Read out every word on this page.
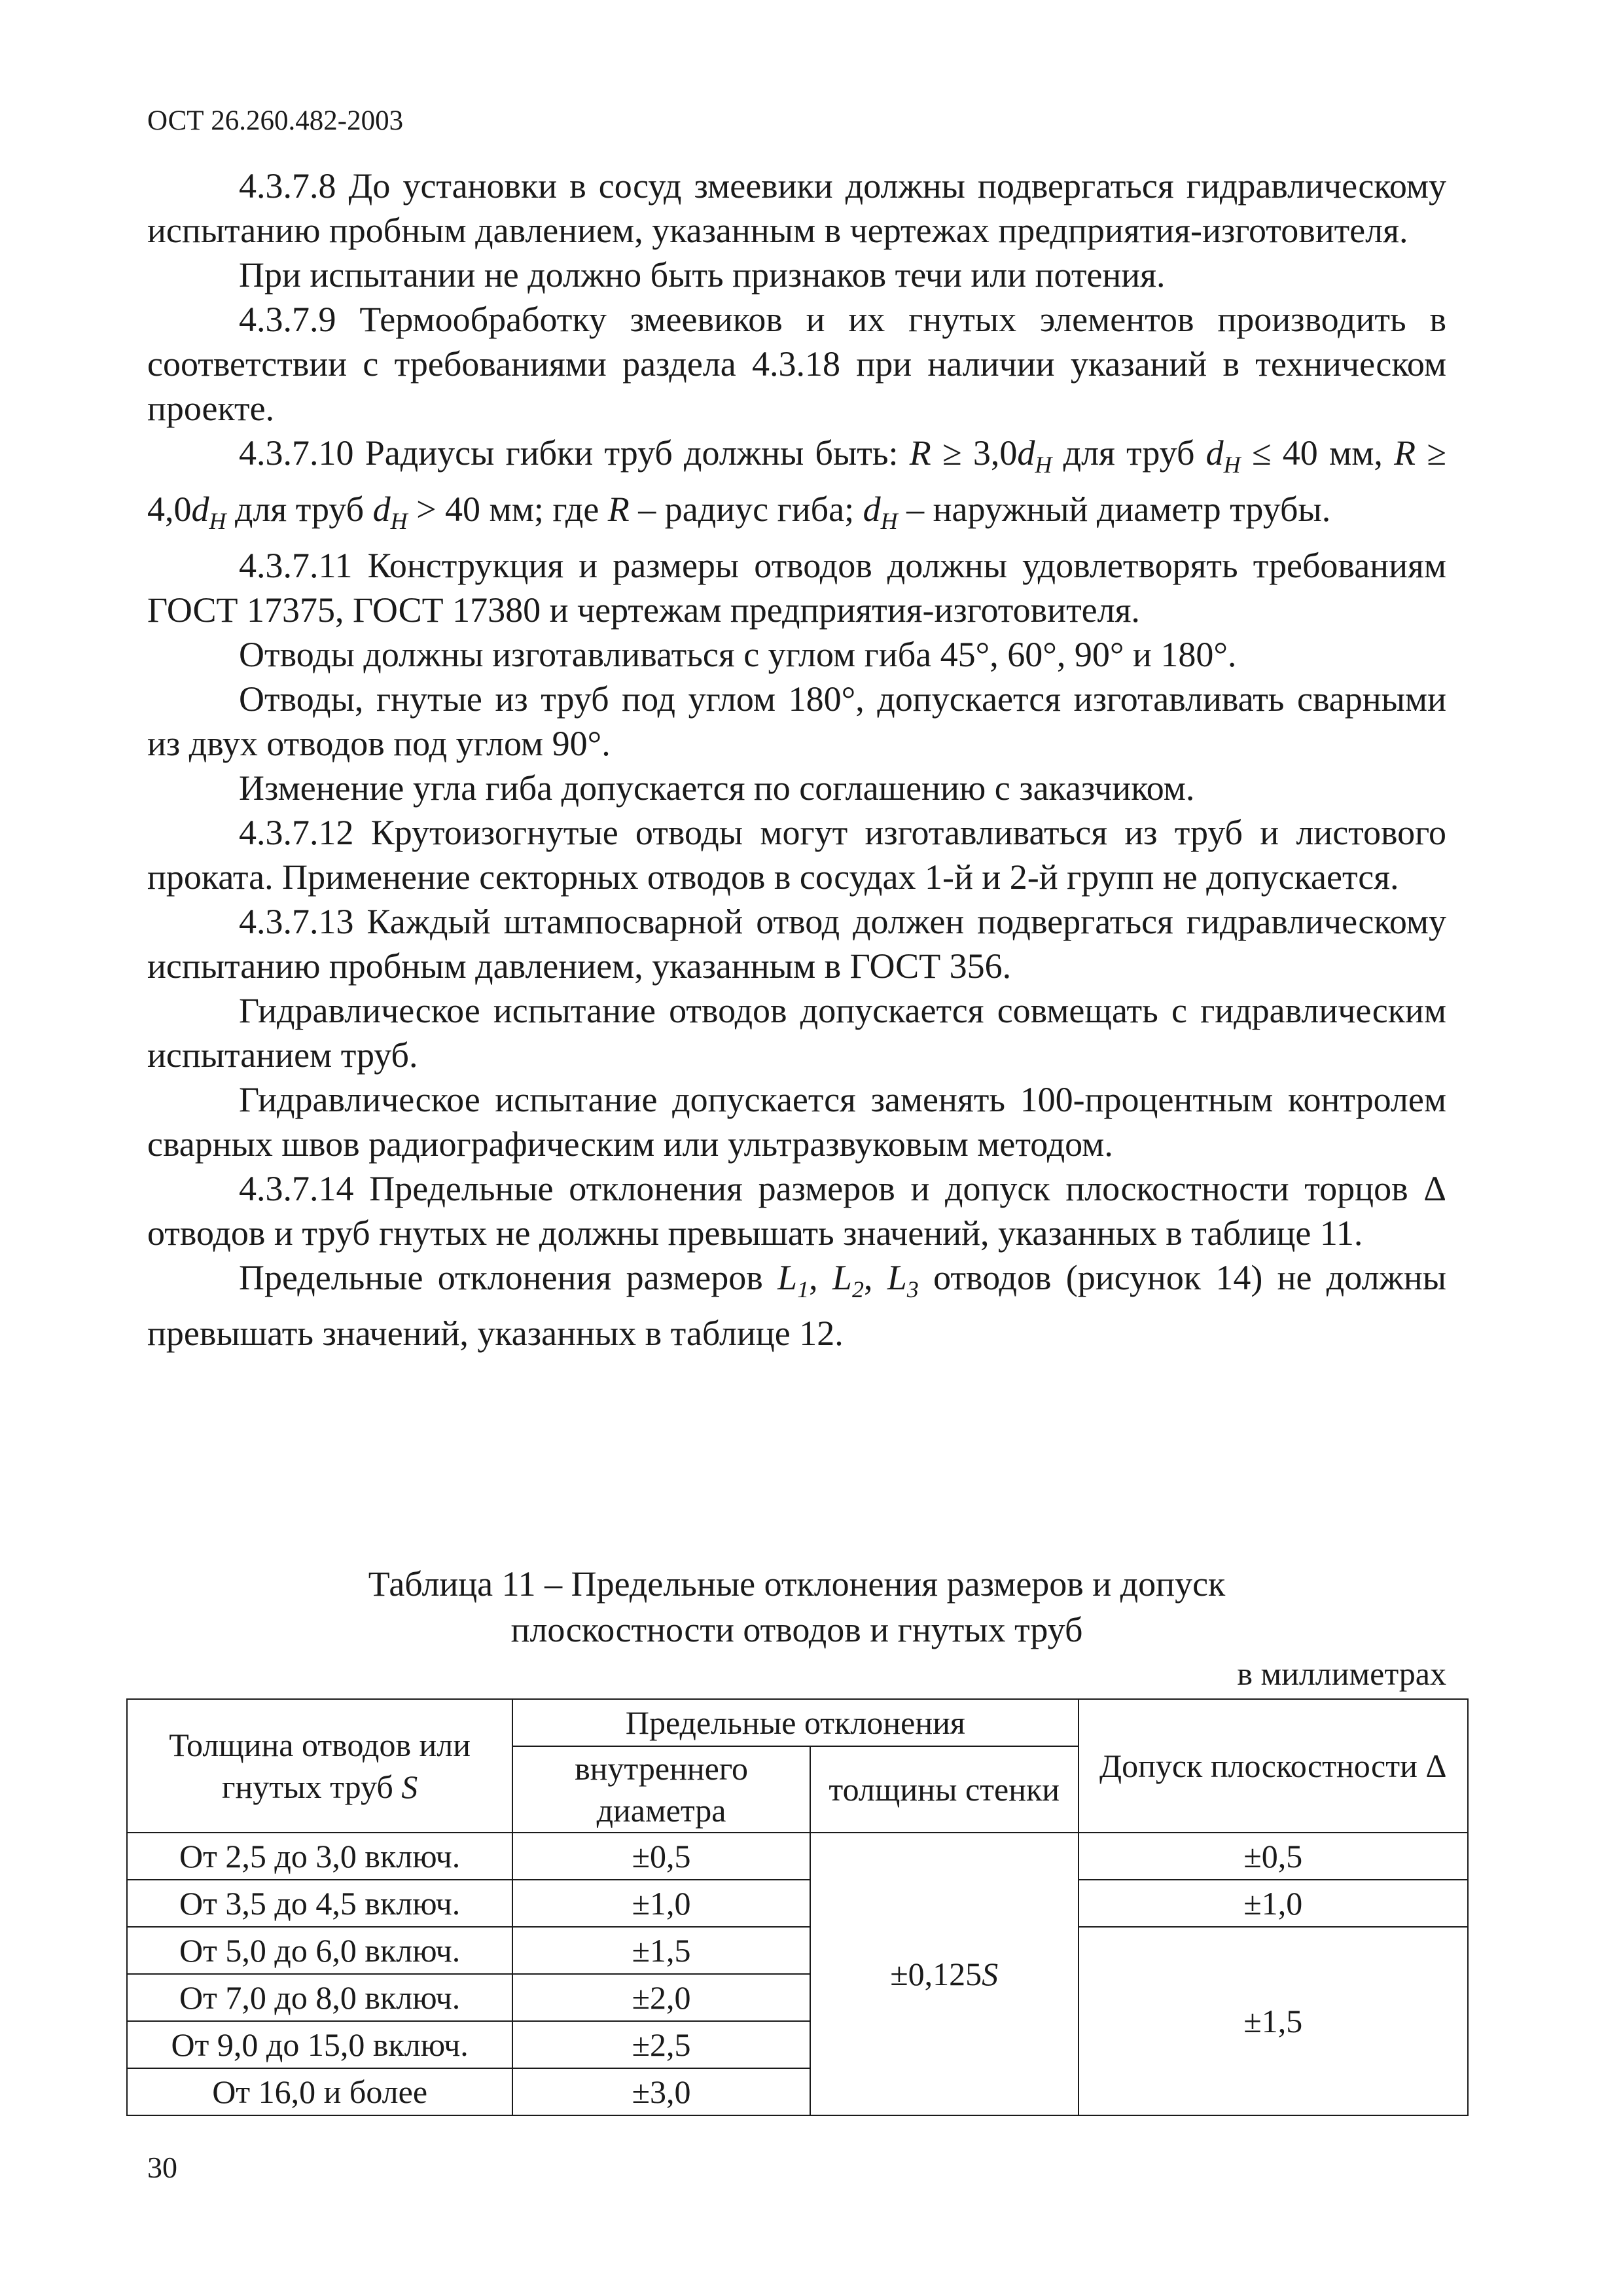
ОСТ 26.260.482-2003

4.3.7.8 До установки в сосуд змеевики должны подвергаться гидравлическому испытанию пробным давлением, указанным в чертежах предприятия-изготовителя.

При испытании не должно быть признаков течи или потения.

4.3.7.9 Термообработку змеевиков и их гнутых элементов производить в соответствии с требованиями раздела 4.3.18 при наличии указаний в техническом проекте.

4.3.7.10 Радиусы гибки труб должны быть: $R \ge 3,0d_H$ для труб $d_H \le 40$ мм, $R \ge 4,0d_H$ для труб $d_H > 40$ мм; где R – радиус гиба; $d_H$ – наружный диаметр трубы.

4.3.7.11 Конструкция и размеры отводов должны удовлетворять требованиям ГОСТ 17375, ГОСТ 17380 и чертежам предприятия-изготовителя.

Отводы должны изготавливаться с углом гиба 45°, 60°, 90° и 180°.

Отводы, гнутые из труб под углом 180°, допускается изготавливать сварными из двух отводов под углом 90°.

Изменение угла гиба допускается по соглашению с заказчиком.

4.3.7.12 Крутоизогнутые отводы могут изготавливаться из труб и листового проката. Применение секторных отводов в сосудах 1-й и 2-й групп не допускается.

4.3.7.13 Каждый штампосварной отвод должен подвергаться гидравлическому испытанию пробным давлением, указанным в ГОСТ 356.

Гидравлическое испытание отводов допускается совмещать с гидравлическим испытанием труб.

Гидравлическое испытание допускается заменять 100-процентным контролем сварных швов радиографическим или ультразвуковым методом.

4.3.7.14 Предельные отклонения размеров и допуск плоскостности торцов Δ отводов и труб гнутых не должны превышать значений, указанных в таблице 11.

Предельные отклонения размеров $L_1$, $L_2$, $L_3$ отводов (рисунок 14) не должны превышать значений, указанных в таблице 12.

Таблица 11 – Предельные отклонения размеров и допуск
плоскостности отводов и гнутых труб
в миллиметрах
Толщина отводов или гнутых труб S	Предельные отклонения		Допуск плоскостности Δ
	внутреннего диаметра	толщины стенки	
От 2,5 до 3,0 включ.	±0,5	±0,125S	±0,5
От 3,5 до 4,5 включ.	±1,0		±1,0
От 5,0 до 6,0 включ.	±1,5		±1,5
От 7,0 до 8,0 включ.	±2,0		
От 9,0 до 15,0 включ.	±2,5		
От 16,0 и более	±3,0		
30
